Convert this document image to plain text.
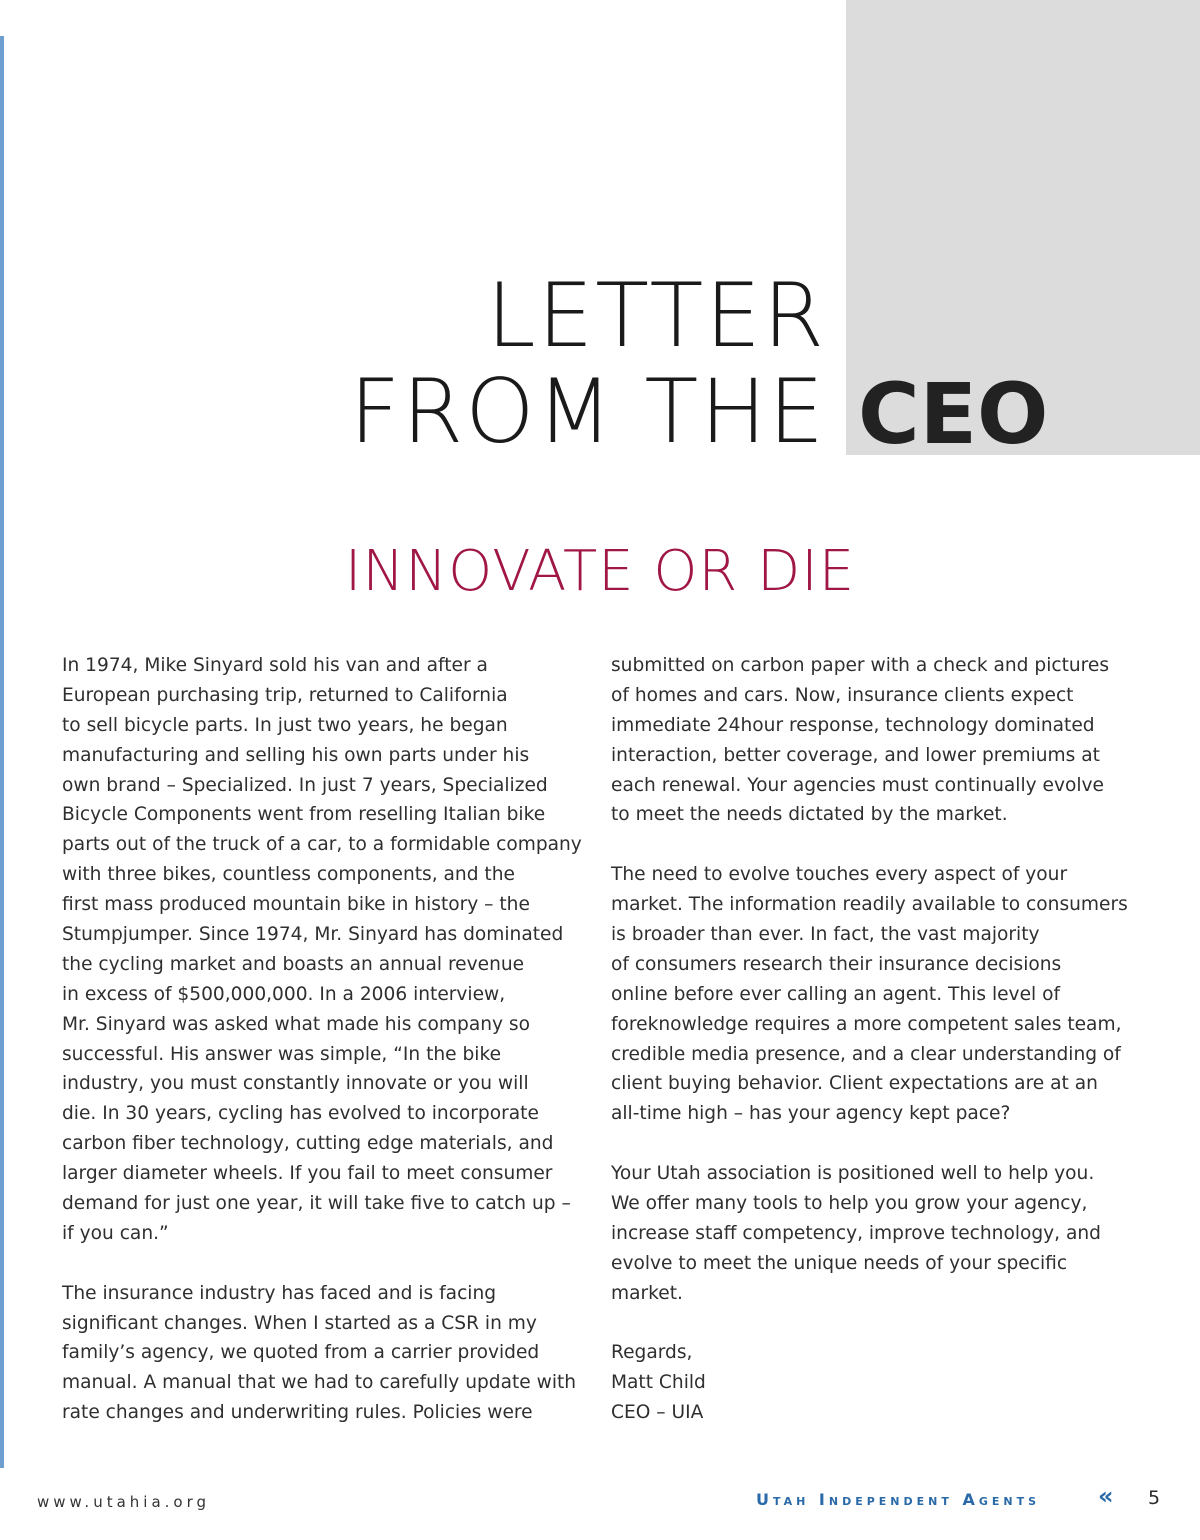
LETTER
FROM THE CEO
INNOVATE OR DIE
In 1974, Mike Sinyard sold his van and after a
European purchasing trip, returned to California
to sell bicycle parts. In just two years, he began
manufacturing and selling his own parts under his
own brand – Specialized. In just 7 years, Specialized
Bicycle Components went from reselling Italian bike
parts out of the truck of a car, to a formidable company
with three bikes, countless components, and the
first mass produced mountain bike in history – the
Stumpjumper. Since 1974, Mr. Sinyard has dominated
the cycling market and boasts an annual revenue
in excess of $500,000,000. In a 2006 interview,
Mr. Sinyard was asked what made his company so
successful. His answer was simple, “In the bike
industry, you must constantly innovate or you will
die. In 30 years, cycling has evolved to incorporate
carbon fiber technology, cutting edge materials, and
larger diameter wheels. If you fail to meet consumer
demand for just one year, it will take five to catch up –
if you can.”
The insurance industry has faced and is facing
significant changes. When I started as a CSR in my
family’s agency, we quoted from a carrier provided
manual. A manual that we had to carefully update with
rate changes and underwriting rules. Policies were
submitted on carbon paper with a check and pictures
of homes and cars. Now, insurance clients expect
immediate 24hour response, technology dominated
interaction, better coverage, and lower premiums at
each renewal. Your agencies must continually evolve
to meet the needs dictated by the market.
The need to evolve touches every aspect of your
market. The information readily available to consumers
is broader than ever. In fact, the vast majority
of consumers research their insurance decisions
online before ever calling an agent. This level of
foreknowledge requires a more competent sales team,
credible media presence, and a clear understanding of
client buying behavior. Client expectations are at an
all-time high – has your agency kept pace?
Your Utah association is positioned well to help you.
We offer many tools to help you grow your agency,
increase staff competency, improve technology, and
evolve to meet the unique needs of your specific
market.
Regards,
Matt Child
CEO – UIA
www.utahia.org	Utah Independent Agents « 5
